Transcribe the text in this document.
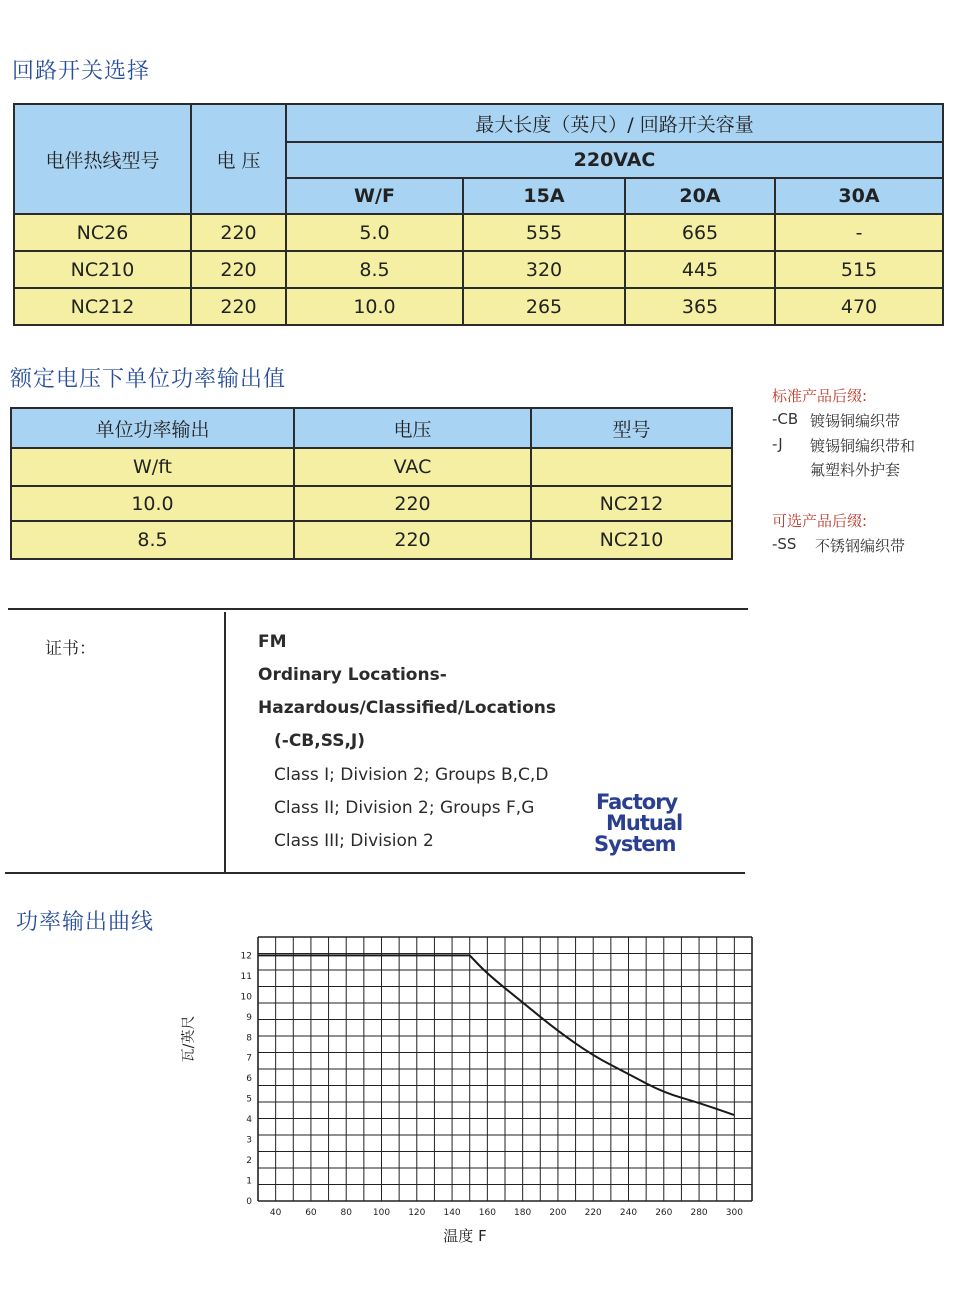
回路开关选择
电伴热线型号	电 压	最大长度（英尺）/ 回路开关容量			
		220VAC			
		W/F	15A	20A	30A
NC26	220	5.0	555	665	-
NC210	220	8.5	320	445	515
NC212	220	10.0	265	365	470
额定电压下单位功率输出值
单位功率输出	电压	型号
W/ft	VAC	
10.0	220	NC212
8.5	220	NC210
标准产品后缀:
-CB 镀锡铜编织带
-J 镀锡铜编织带和
氟塑料外护套
可选产品后缀:
-SS 不锈钢编织带
证书：	FM
Ordinary Locations-
Hazardous/Classified/Locations
(-CB,SS,J)
Class I; Division 2; Groups B,C,D
Class II; Division 2; Groups F,G
Class III; Division 2
Factory
Mutual
System
功率输出曲线
0
1
2
3
4
5
6
7
8
9
10
11
12
40	60	80 100 120 140 160 180 200 220 240 260 280 300
温度 F
瓦/英尺
